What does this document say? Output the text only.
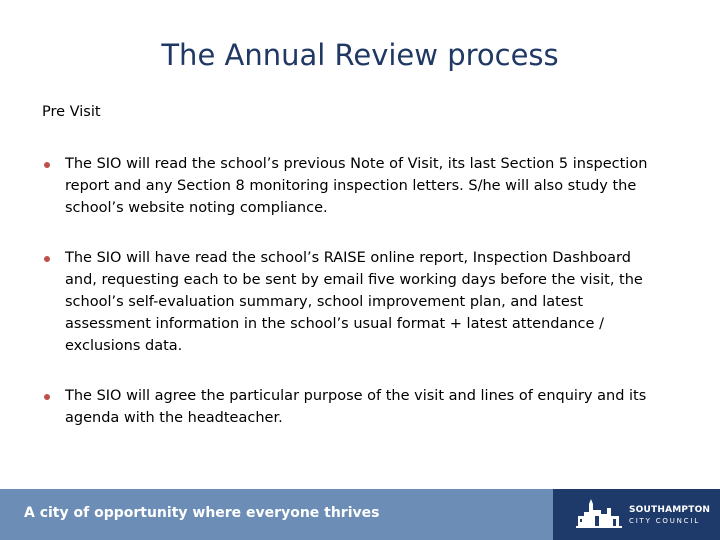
The Annual Review process
Pre Visit
The SIO will read the school’s previous Note of Visit, its last Section 5 inspection report and any Section 8 monitoring inspection letters. S/he will also study the school’s website noting compliance.
The SIO will have read the school’s RAISE online report, Inspection Dashboard and, requesting each to be sent by email five working days before the visit, the school’s self-evaluation summary, school improvement plan, and latest assessment information in the school’s usual format + latest attendance / exclusions data.
The SIO will agree the particular purpose of the visit and lines of enquiry and its agenda with the headteacher.
A city of opportunity where everyone thrives	SOUTHAMPTON
CITY COUNCIL
